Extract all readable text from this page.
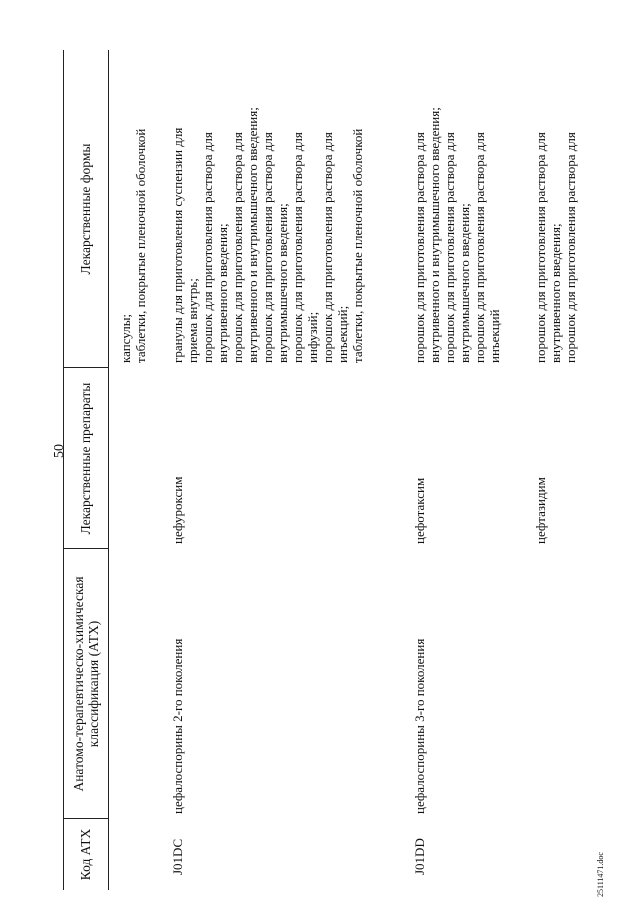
50
25111471.doc
Код АТХ
Анатомо-терапевтическо-химическая классификация (АТХ)
Лекарственные препараты
Лекарственные формы
капсулы; таблетки, покрытые пленочной оболочкой
J01DC
цефалоспорины 2-го поколения
цефуроксим
гранулы для приготовления суспензии для приема внутрь; порошок для приготовления раствора для внутривенного введения; порошок для приготовления раствора для внутривенного и внутримышечного введения; порошок для приготовления раствора для внутримышечного введения; порошок для приготовления раствора для инфузий; порошок для приготовления раствора для инъекций; таблетки, покрытые пленочной оболочкой
J01DD
цефалоспорины 3-го поколения
цефотаксим
порошок для приготовления раствора для внутривенного и внутримышечного введения; порошок для приготовления раствора для внутримышечного введения; порошок для приготовления раствора для инъекций
цефтазидим
порошок для приготовления раствора для внутривенного введения; порошок для приготовления раствора для
